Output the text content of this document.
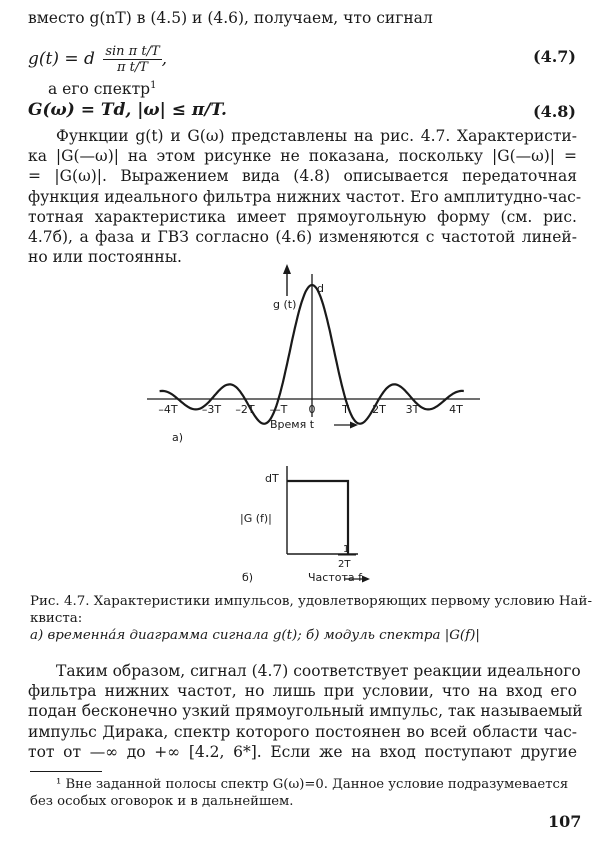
вместо g(nT) в (4.5) и (4.6), получаем, что сигнал
g(t) = d $\frac{\text{sin π t/T}}{\text{π t/T}}$ ,	(4.7)
а его спектр$^1$
G(ω) = Td, |ω| ≤ π/T.	(4.8)
Функции g(t) и G(ω) представлены на рис. 4.7. Характеристи-
ка |G(—ω)| на этом рисунке не показана, поскольку |G(—ω)| =
= |G(ω)|. Выражением вида (4.8) описывается передаточная
функция идеального фильтра нижних частот. Его амплитудно-час-
тотная характеристика имеет прямоугольную форму (см. рис.
4.7б), а фаза и ГВЗ согласно (4.6) изменяются с частотой линей-
но или постоянны.
g (t)
d
–4T –3T –2T —T 0 T 2T 3T	4T
Время t
а)
dT
|G (f)|
1
2T
Частота f
б)
Рис. 4.7. Характеристики импульсов, удовлетворяющих первому условию Най-
квиста:
а) временна́я диаграмма сигнала g(t); б) модуль спектра |G(f)|
Таким образом, сигнал (4.7) соответствует реакции идеального
фильтра нижних частот, но лишь при условии, что на вход его
подан бесконечно узкий прямоугольный импульс, так называемый
импульс Дирака, спектр которого постоянен во всей области час-
тот от —∞ до +∞ [4.2, 6*]. Если же на вход поступают другие
¹ Вне заданной полосы спектр G(ω)=0. Данное условие подразумевается
без особых оговорок и в дальнейшем.
107
